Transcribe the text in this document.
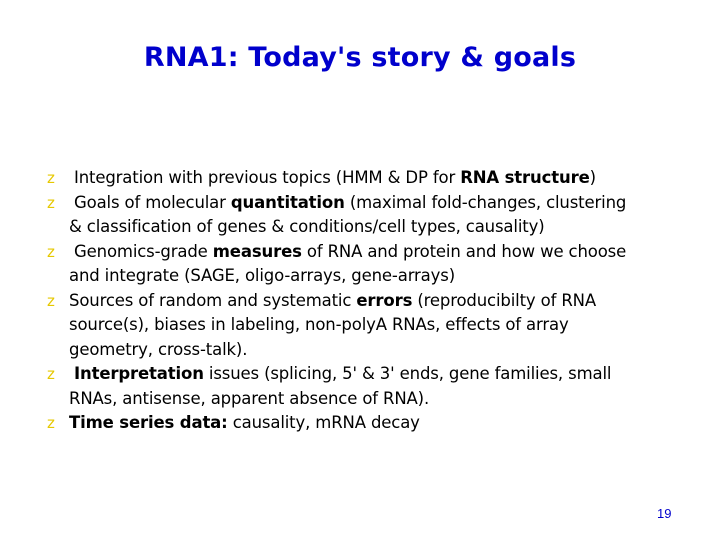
RNA1: Today's story & goals
z	Integration with previous topics (HMM & DP for RNA structure)
z	Goals of molecular quantitation (maximal fold-changes, clustering
& classification of genes & conditions/cell types, causality)
z	Genomics-grade measures of RNA and protein and how we choose
and integrate (SAGE, oligo-arrays, gene-arrays)
z Sources of random and systematic errors (reproducibilty of RNA
source(s), biases in labeling, non-polyA RNAs, effects of array
geometry, cross-talk).
z	Interpretation issues (splicing, 5' & 3' ends, gene families, small
RNAs, antisense, apparent absence of RNA).
z Time series data: causality, mRNA decay
19
